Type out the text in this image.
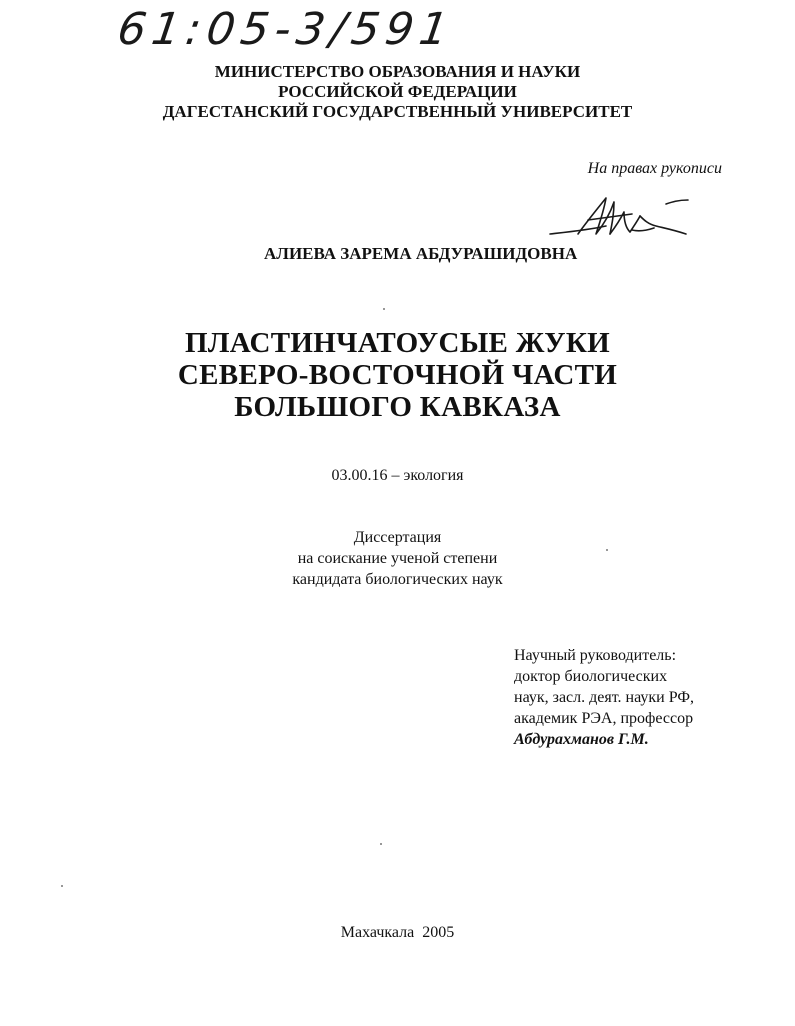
61:05-3/591
МИНИСТЕРСТВО ОБРАЗОВАНИЯ И НАУКИ
РОССИЙСКОЙ ФЕДЕРАЦИИ
ДАГЕСТАНСКИЙ ГОСУДАРСТВЕННЫЙ УНИВЕРСИТЕТ
На правах рукописи
АЛИЕВА ЗАРЕМА АБДУРАШИДОВНА
ПЛАСТИНЧАТОУСЫЕ ЖУКИ
СЕВЕРО-ВОСТОЧНОЙ ЧАСТИ
БОЛЬШОГО КАВКАЗА
03.00.16 – экология
Диссертация
на соискание ученой степени
кандидата биологических наук
Научный руководитель:
доктор биологических
наук, засл. деят. науки РФ,
академик РЭА, профессор
Абдурахманов Г.М.
Махачкала 2005
